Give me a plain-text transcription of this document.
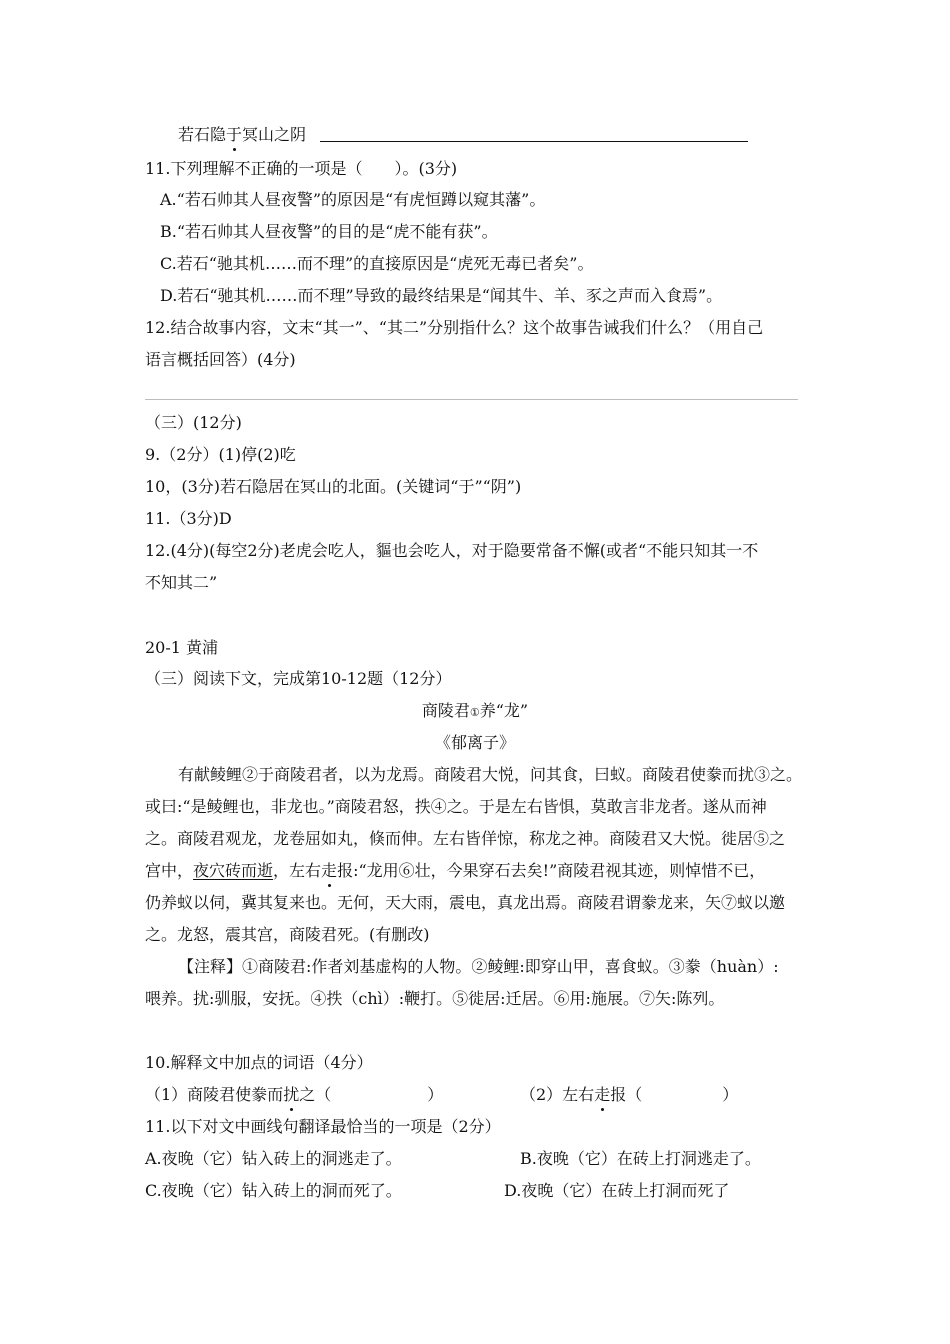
若石隐于冥山之阴
11.下列理解不正确的一项是（　　）。(3分)
A.“若石帅其人昼夜警”的原因是“有虎恒蹲以窥其藩”。
B.“若石帅其人昼夜警”的目的是“虎不能有获”。
C.若石“驰其机……而不理”的直接原因是“虎死无毒已者矣”。
D.若石“驰其机……而不理”导致的最终结果是“闻其牛、羊、豕之声而入食焉”。
12.结合故事内容，文末“其一”、“其二”分别指什么？这个故事告诫我们什么？（用自己
语言概括回答）(4分)
（三）(12分)
9.（2分）(1)停(2)吃
10，(3分)若石隐居在冥山的北面。(关键词“于”“阴”)
11.（3分)D
12.(4分)(每空2分)老虎会吃人，貙也会吃人，对于隐要常备不懈(或者“不能只知其一不
不知其二”
20-1 黄浦
（三）阅读下文，完成第10-12题（12分）
商陵君①养“龙”
《郁离子》
有献鲮鲤②于商陵君者，以为龙焉。商陵君大悦，问其食，曰蚁。商陵君使豢而扰③之。
或曰:“是鲮鲤也，非龙也。”商陵君怒，抶④之。于是左右皆惧，莫敢言非龙者。遂从而神
之。商陵君观龙，龙卷屈如丸，倏而伸。左右皆佯惊，称龙之神。商陵君又大悦。徙居⑤之
宫中，夜穴砖而逝，左右走报:“龙用⑥壮，今果穿石去矣!”商陵君视其迹，则悼惜不已，
仍养蚁以伺，冀其复来也。无何，天大雨，震电，真龙出焉。商陵君谓豢龙来，矢⑦蚁以邀
之。龙怒，震其宫，商陵君死。(有删改)
【注释】①商陵君:作者刘基虚构的人物。②鲮鲤:即穿山甲，喜食蚁。③豢（huàn）:
喂养。扰:驯服，安抚。④抶（chì）:鞭打。⑤徙居:迁居。⑥用:施展。⑦矢:陈列。
10.解释文中加点的词语（4分）
（1）商陵君使豢而扰之（　　　　　　）	（2）左右走报（　　　　　）
11.以下对文中画线句翻译最恰当的一项是（2分）
A.夜晚（它）钻入砖上的洞逃走了。	B.夜晚（它）在砖上打洞逃走了。
C.夜晚（它）钻入砖上的洞而死了。	D.夜晚（它）在砖上打洞而死了
